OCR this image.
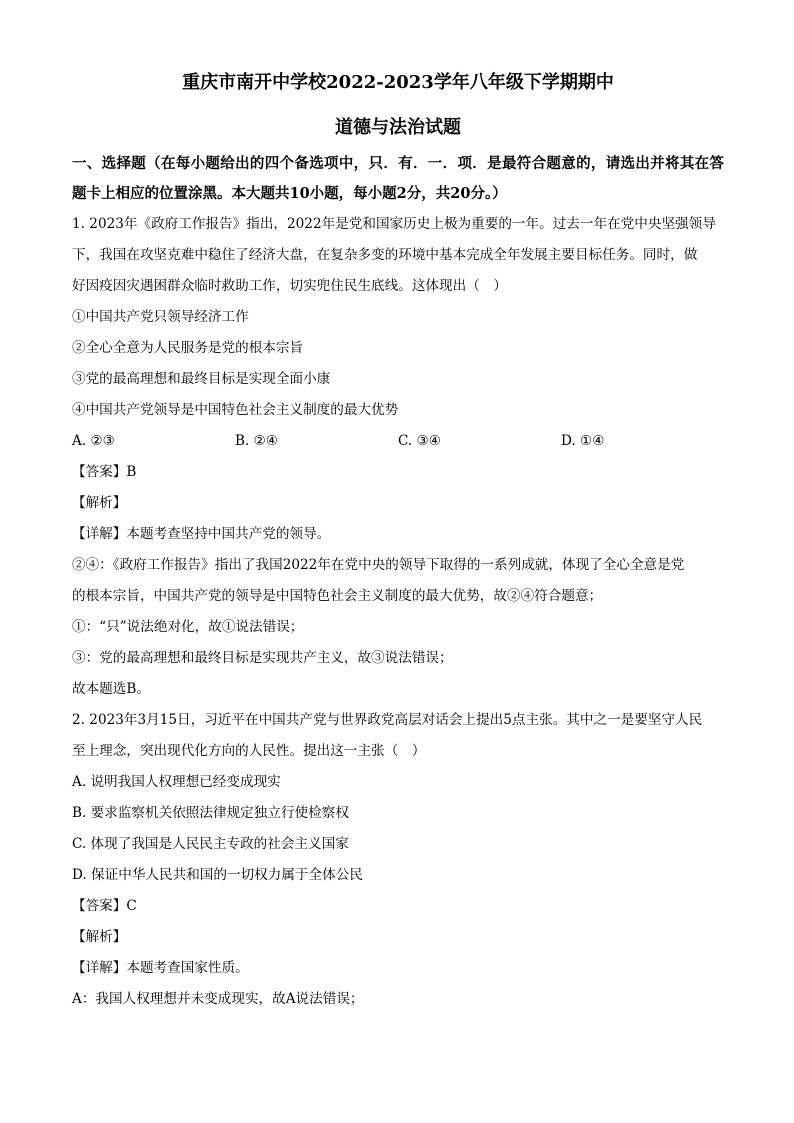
重庆市南开中学校2022-2023学年八年级下学期期中
道德与法治试题
一、选择题（在每小题给出的四个备选项中，只．有．一．项．是最符合题意的，请选出并将其在答题卡上相应的位置涂黑。本大题共10小题，每小题2分，共20分。）
1. 2023年《政府工作报告》指出，2022年是党和国家历史上极为重要的一年。过去一年在党中央坚强领导
下，我国在攻坚克难中稳住了经济大盘，在复杂多变的环境中基本完成全年发展主要目标任务。同时，做
好因疫因灾遇困群众临时救助工作，切实兜住民生底线。这体现出（　）
①中国共产党只领导经济工作
②全心全意为人民服务是党的根本宗旨
③党的最高理想和最终目标是实现全面小康
④中国共产党领导是中国特色社会主义制度的最大优势
A. ②③	B. ②④	C. ③④	D. ①④
【答案】B
【解析】
【详解】本题考查坚持中国共产党的领导。
②④：《政府工作报告》指出了我国2022年在党中央的领导下取得的一系列成就，体现了全心全意是党
的根本宗旨，中国共产党的领导是中国特色社会主义制度的最大优势，故②④符合题意；
①：“只”说法绝对化，故①说法错误；
③：党的最高理想和最终目标是实现共产主义，故③说法错误；
故本题选B。
2. 2023年3月15日，习近平在中国共产党与世界政党高层对话会上提出5点主张。其中之一是要坚守人民
至上理念，突出现代化方向的人民性。提出这一主张（　）
A. 说明我国人权理想已经变成现实
B. 要求监察机关依照法律规定独立行使检察权
C. 体现了我国是人民民主专政的社会主义国家
D. 保证中华人民共和国的一切权力属于全体公民
【答案】C
【解析】
【详解】本题考查国家性质。
A：我国人权理想并未变成现实，故A说法错误；
